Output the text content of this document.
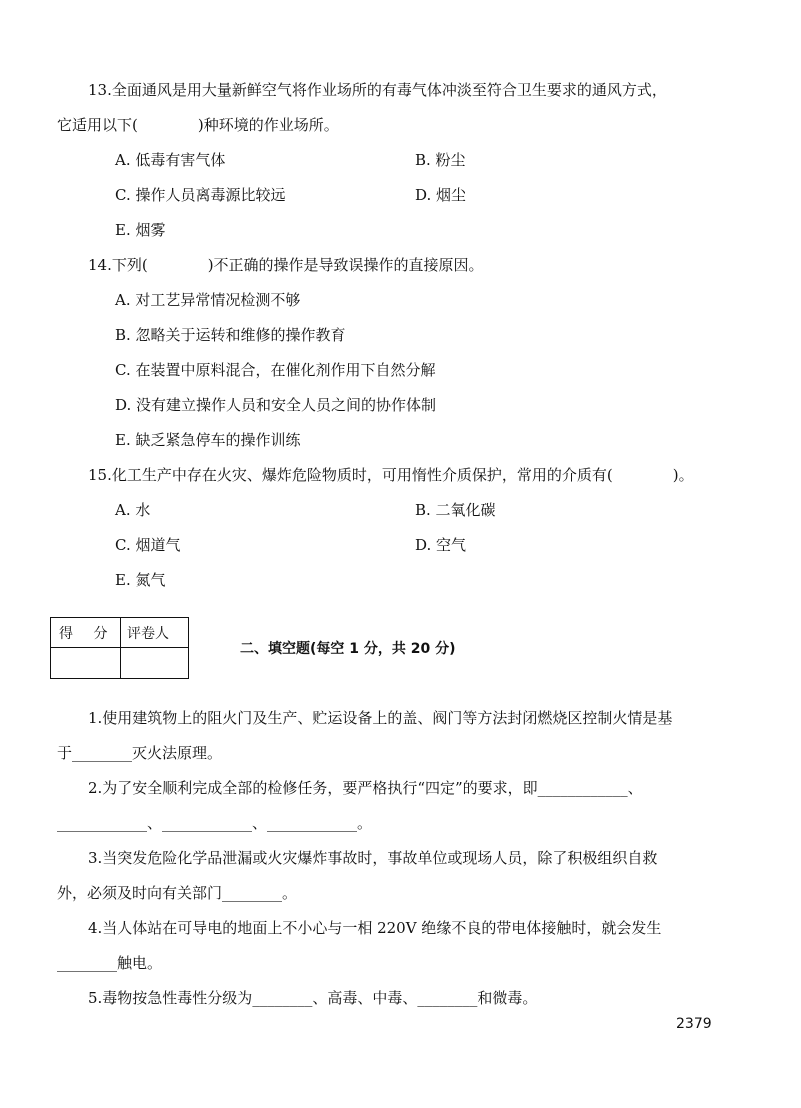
13.全面通风是用大量新鲜空气将作业场所的有毒气体冲淡至符合卫生要求的通风方式，
它适用以下(　　　　)种环境的作业场所。
A. 低毒有害气体	B. 粉尘
C. 操作人员离毒源比较远	D. 烟尘
E. 烟雾
14.下列(　　　　)不正确的操作是导致误操作的直接原因。
A. 对工艺异常情况检测不够
B. 忽略关于运转和维修的操作教育
C. 在装置中原料混合，在催化剂作用下自然分解
D. 没有建立操作人员和安全人员之间的协作体制
E. 缺乏紧急停车的操作训练
15.化工生产中存在火灾、爆炸危险物质时，可用惰性介质保护，常用的介质有(　　　　)。
A. 水	B. 二氧化碳
C. 烟道气	D. 空气
E. 氮气
得 分 评卷人
二、填空题(每空 1 分，共 20 分)
1.使用建筑物上的阻火门及生产、贮运设备上的盖、阀门等方法封闭燃烧区控制火情是基
于________灭火法原理。
2.为了安全顺利完成全部的检修任务，要严格执行“四定”的要求，即____________、
____________、____________、____________。
3.当突发危险化学品泄漏或火灾爆炸事故时，事故单位或现场人员，除了积极组织自救
外，必须及时向有关部门________。
4.当人体站在可导电的地面上不小心与一相 220V 绝缘不良的带电体接触时，就会发生
________触电。
5.毒物按急性毒性分级为________、高毒、中毒、________和微毒。
2379
